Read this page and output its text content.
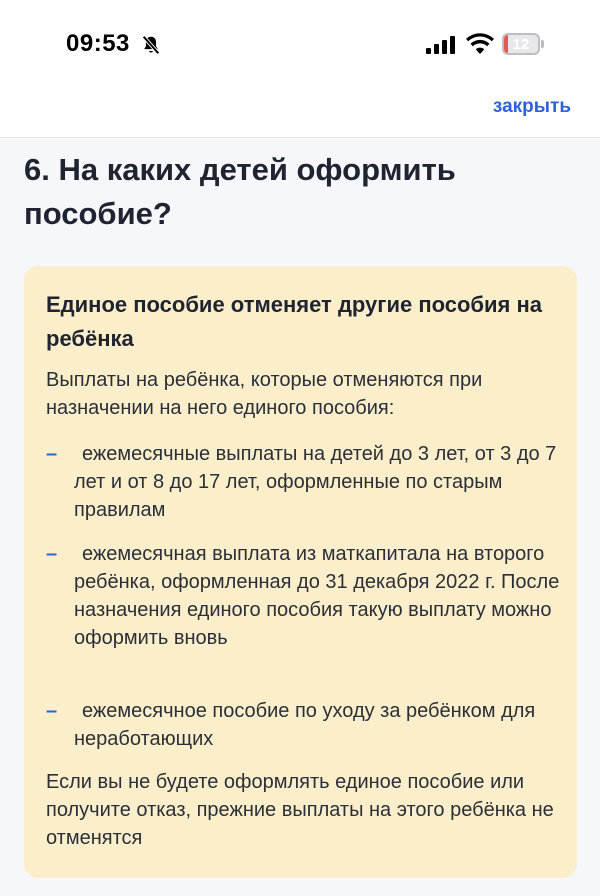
09:53	12
закрыть
6. На каких детей оформить пособие?
Единое пособие отменяет другие пособия на ребёнка

Выплаты на ребёнка, которые отменяются при назначении на него единого пособия:

–	ежемесячные выплаты на детей до 3 лет, от 3 до 7 лет и от 8 до 17 лет, оформленные по старым правилам
–	ежемесячная выплата из маткапитала на второго ребёнка, оформленная до 31 декабря 2022 г. После назначения единого пособия такую выплату можно оформить вновь
–	ежемесячное пособие по уходу за ребёнком для неработающих

Если вы не будете оформлять единое пособие или получите отказ, прежние выплаты на этого ребёнка не отменятся
